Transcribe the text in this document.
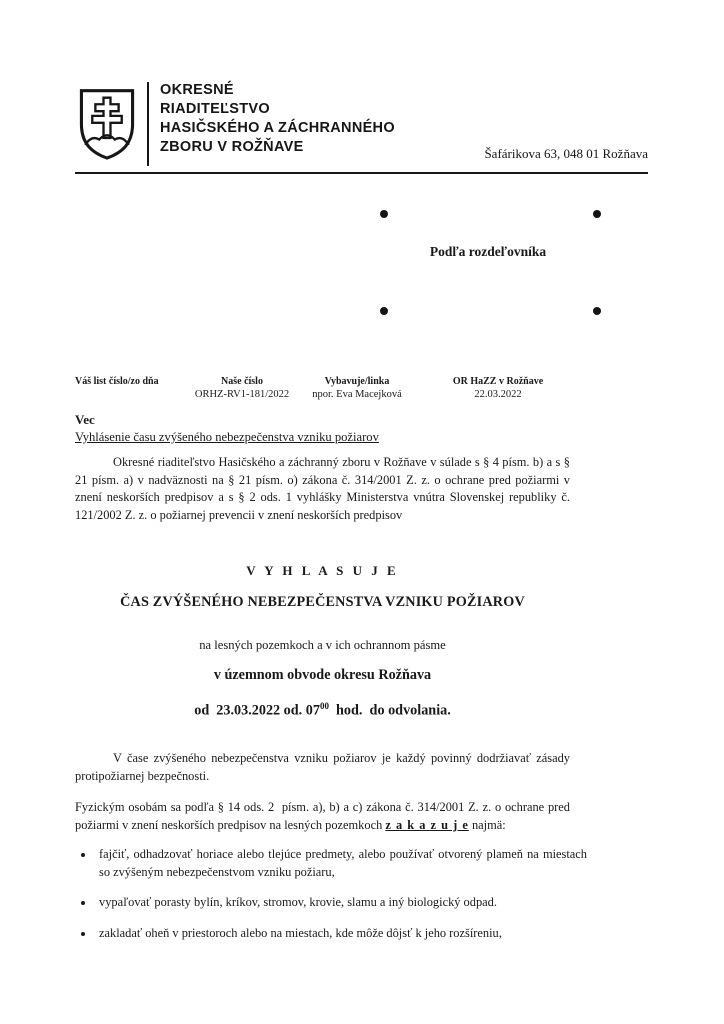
OKRESNÉ
RIADITEĽSTVO
HASIČSKÉHO A ZÁCHRANNÉHO
ZBORU V ROŽŇAVE	Šafárikova 63, 048 01 Rožňava
Podľa rozdeľovníka
Váš list číslo/zo dňa	Naše číslo
ORHZ-RV1-181/2022
Vybavuje/linka
npor. Eva Macejková
OR HaZZ v Rožňave
22.03.2022
Vec
Vyhlásenie času zvýšeného nebezpečenstva vzniku požiarov

Okresné riaditeľstvo Hasičského a záchranný zboru v Rožňave v súlade s § 4 písm. b) a s § 21 písm. a) v nadväznosti na § 21 písm. o) zákona č. 314/2001 Z. z. o ochrane pred požiarmi v znení neskorších predpisov a s § 2 ods. 1 vyhlášky Ministerstva vnútra Slovenskej republiky č. 121/2002 Z. z. o požiarnej prevencii v znení neskorších predpisov

V Y H L A S U J E
ČAS ZVÝŠENÉHO NEBEZPEČENSTVA VZNIKU POŽIAROV
na lesných pozemkoch a v ich ochrannom pásme
v územnom obvode okresu Rožňava
od  23.03.2022 od. $07^{00}$  hod.  do odvolania.

V čase zvýšeného nebezpečenstva vzniku požiarov je každý povinný dodržiavať zásady protipožiarnej bezpečnosti.

Fyzickým osobám sa podľa § 14 ods. 2  písm. a), b) a c) zákona č. 314/2001 Z. z. o ochrane pred požiarmi v znení neskorších predpisov na lesných pozemkoch z a k a z u j e najmä:

• fajčiť, odhadzovať horiace alebo tlejúce predmety, alebo používať otvorený plameň na miestach so zvýšeným nebezpečenstvom vzniku požiaru,
• vypaľovať porasty bylín, kríkov, stromov, krovie, slamu a iný biologický odpad.
• zakladať oheň v priestoroch alebo na miestach, kde môže dôjsť k jeho rozšíreniu,
